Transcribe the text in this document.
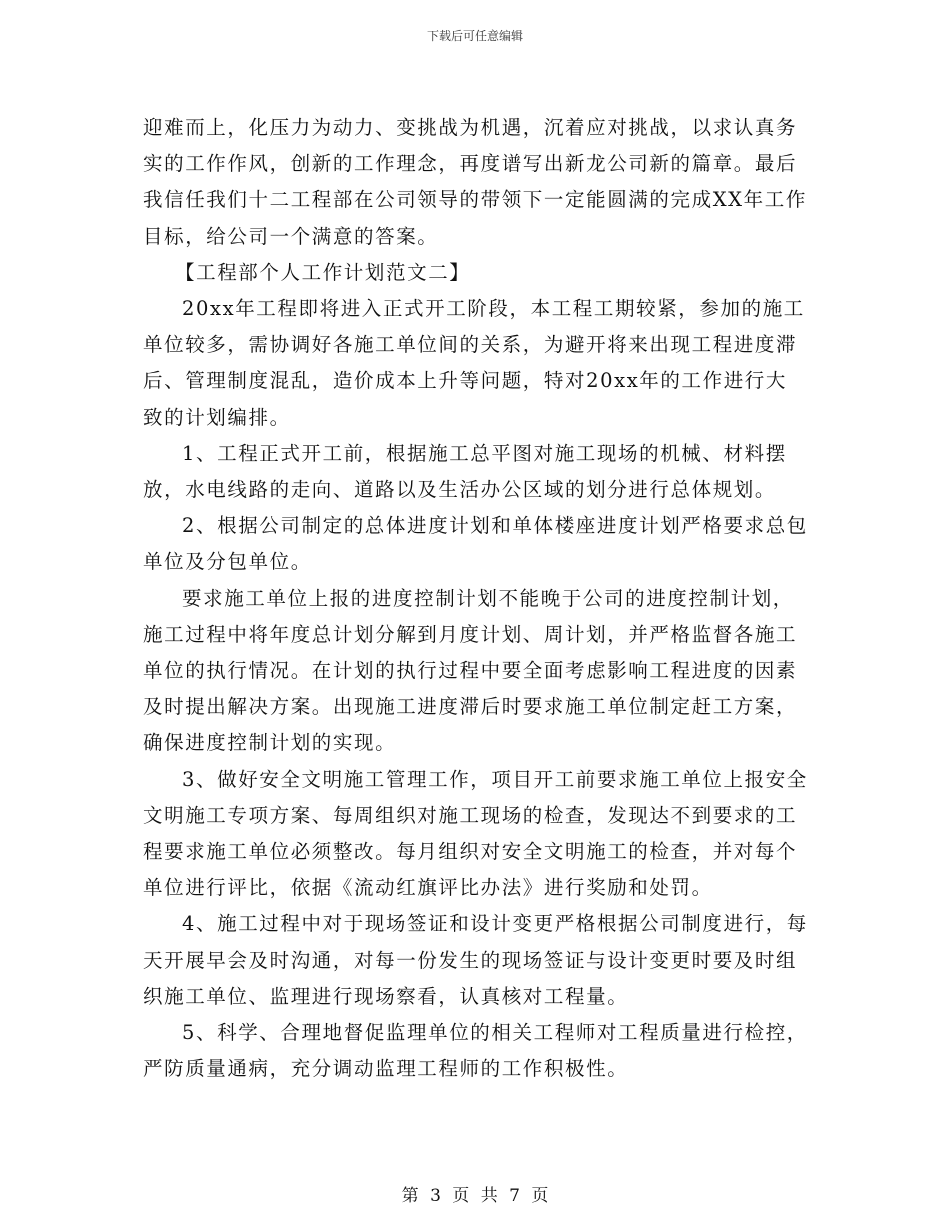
下载后可任意编辑

迎难而上，化压力为动力、变挑战为机遇，沉着应对挑战，以求认真务实的工作作风，创新的工作理念，再度谱写出新龙公司新的篇章。最后我信任我们十二工程部在公司领导的带领下一定能圆满的完成XX年工作目标，给公司一个满意的答案。

【工程部个人工作计划范文二】

20xx年工程即将进入正式开工阶段，本工程工期较紧，参加的施工单位较多，需协调好各施工单位间的关系，为避开将来出现工程进度滞后、管理制度混乱，造价成本上升等问题，特对20xx年的工作进行大致的计划编排。

1、工程正式开工前，根据施工总平图对施工现场的机械、材料摆放，水电线路的走向、道路以及生活办公区域的划分进行总体规划。

2、根据公司制定的总体进度计划和单体楼座进度计划严格要求总包单位及分包单位。

要求施工单位上报的进度控制计划不能晚于公司的进度控制计划，施工过程中将年度总计划分解到月度计划、周计划，并严格监督各施工单位的执行情况。在计划的执行过程中要全面考虑影响工程进度的因素及时提出解决方案。出现施工进度滞后时要求施工单位制定赶工方案，确保进度控制计划的实现。

3、做好安全文明施工管理工作，项目开工前要求施工单位上报安全文明施工专项方案、每周组织对施工现场的检查，发现达不到要求的工程要求施工单位必须整改。每月组织对安全文明施工的检查，并对每个单位进行评比，依据《流动红旗评比办法》进行奖励和处罚。

4、施工过程中对于现场签证和设计变更严格根据公司制度进行，每天开展早会及时沟通，对每一份发生的现场签证与设计变更时要及时组织施工单位、监理进行现场察看，认真核对工程量。

5、科学、合理地督促监理单位的相关工程师对工程质量进行检控，严防质量通病，充分调动监理工程师的工作积极性。

第 3 页 共 7 页
